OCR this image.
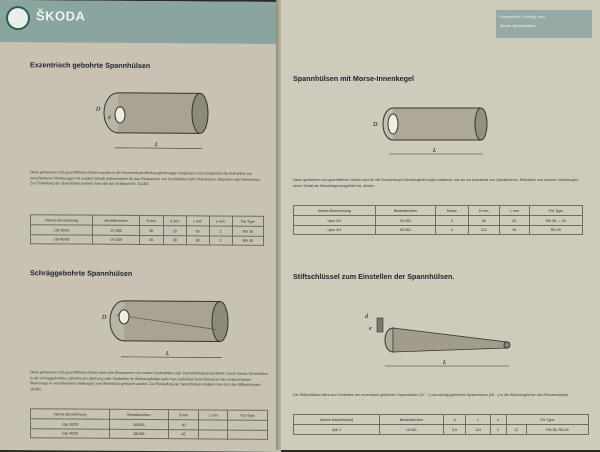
ŠKODA
Exzentrisch gebohrte Spannhülsen
L
D
d
Diese gehärteten und geschliffenen Hülsen werden in die Revolverkopf-Werkzeugbohrungen eingesetzt und ermöglichen die Aufnahme von verschiedenen Werkzeugen mit rundem Schaft, insbesondere für das Einspannen von Drehstählen beim Plandrehen, Abgreifen oder Einstechen. Zur Einstellung der Spannhülse bedient man sich der Schlüssel Nr. 10.001.
Interne Bezeichnung	Bestellzeichen	D mm	d mm	L mm	e mm	Für Type
Upl 30/20	07.005	30	20	63	2	RN 36
Upl 40/30	07.009	45	38	90	2	RN 40
Schräggebohrte Spannhülsen
L
D
Diese gehärteten und geschliffenen Hülsen sind zum Einspannen von runden Drehstählen oder Drehstahlhaltern bestimmt. Durch dieses Verschieben in der schräggebohrten zylindrischen Bohrung oder Verdrehen im Werkzeughalter kann man außerdem beim Einsetzen der einspanntesten Werkzeuge in verschiedenen Stellungen zum Werkstück gebracht werden. Zur Einstellung der Spannhülsen bedient man sich des Stiftschlüssels 10.001.
Interne Bezeichnung	Bestellzeichen	D mm	L mm	Für Type
Usp 30/20	08.003	30		
Usp 40/30	08.005	45		
Exzentrisch, Schräg- und
Morse-Spannhülsen
Spannhülsen mit Morse-Innenkegel
L
D
Diese gehärteten und geschliffenen Hülsen sind für die Revolverkopf-Werkzeugbohrungen bestimmt, wie sie zur Aufnahme von Spiralbohrern, Reibahlen und anderen Werkzeugen, deren Schaft als Morsekegel ausgeführt ist, dienen.
Interne Bezeichnung	Bestellzeichen	Morse	D mm	L mm	Für Type
Upm 3/0	09.003	3	36	20	RN 36 — 40
Upm 4/4	09.063	4	113	45	RN 40
Stiftschlüssel zum Einstellen der Spannhülsen.
L
d
e
Der Stiftschlüssel dient zum Einstellen der exzentrisch gebohrten Spannhülsen (07 ...) und schräg gebohrten Spannhülsen (08 ...) in die Werkzeuglöcher des Revolverkopfes.
Interne Bezeichnung	Bestellzeichen	d	L	e	Für Type	
Upk 1	10.001	5,5	113	2	12	RN 36, RN 40
